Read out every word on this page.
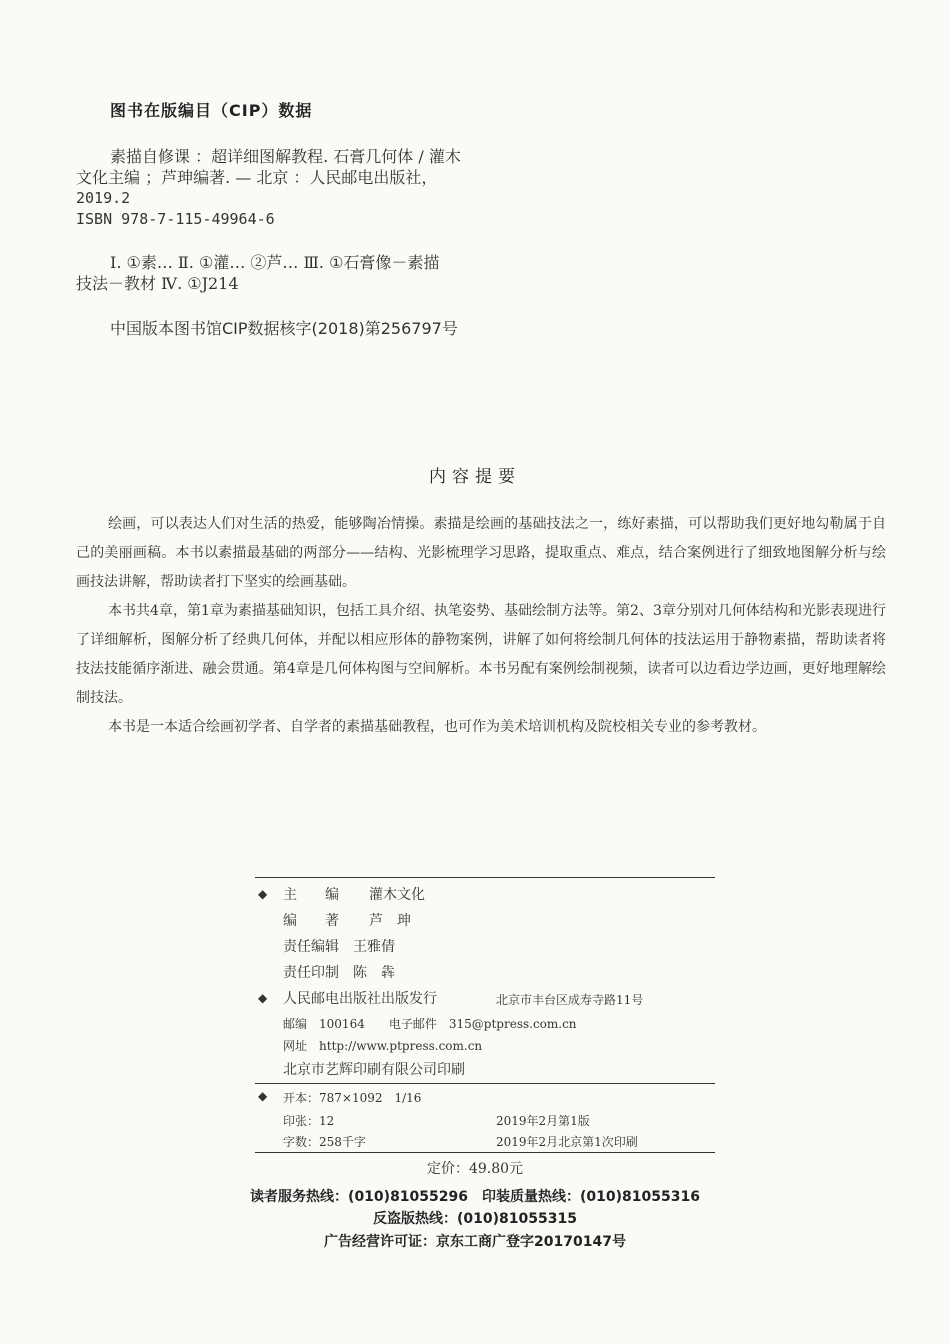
图书在版编目（CIP）数据
素描自修课 ：超详细图解教程. 石膏几何体 / 灌木
文化主编 ；芦珅编著. — 北京 ：人民邮电出版社，
2019.2
ISBN 978-7-115-49964-6
Ⅰ. ①素… Ⅱ. ①灌… ②芦… Ⅲ. ①石膏像－素描
技法－教材 Ⅳ. ①J214
中国版本图书馆CIP数据核字(2018)第256797号
内容提要

绘画，可以表达人们对生活的热爱，能够陶冶情操。素描是绘画的基础技法之一，练好素描，可以帮助我们更好地勾勒属于自己的美丽画稿。本书以素描最基础的两部分——结构、光影梳理学习思路，提取重点、难点，结合案例进行了细致地图解分析与绘画技法讲解，帮助读者打下坚实的绘画基础。

本书共4章，第1章为素描基础知识，包括工具介绍、执笔姿势、基础绘制方法等。第2、3章分别对几何体结构和光影表现进行了详细解析，图解分析了经典几何体，并配以相应形体的静物案例，讲解了如何将绘制几何体的技法运用于静物素描，帮助读者将技法技能循序渐进、融会贯通。第4章是几何体构图与空间解析。本书另配有案例绘制视频，读者可以边看边学边画，更好地理解绘制技法。

本书是一本适合绘画初学者、自学者的素描基础教程，也可作为美术培训机构及院校相关专业的参考教材。

◆ 主　　编 灌木文化
编　　著 芦　珅
责任编辑　 王雅倩
责任印制　 陈　犇
◆ 人民邮电出版社出版发行	北京市丰台区成寿寺路11号
邮编　 100164　　 电子邮件　 315@ptpress.com.cn
网址　 http://www.ptpress.com.cn
北京市艺辉印刷有限公司印刷
◆ 开本：787×1092　1/16
印张：12	2019年2月第1版
字数：258千字	2019年2月北京第1次印刷
定价：49.80元
读者服务热线：(010)81055296　印装质量热线：(010)81055316
反盗版热线：(010)81055315
广告经营许可证：京东工商广登字20170147号
